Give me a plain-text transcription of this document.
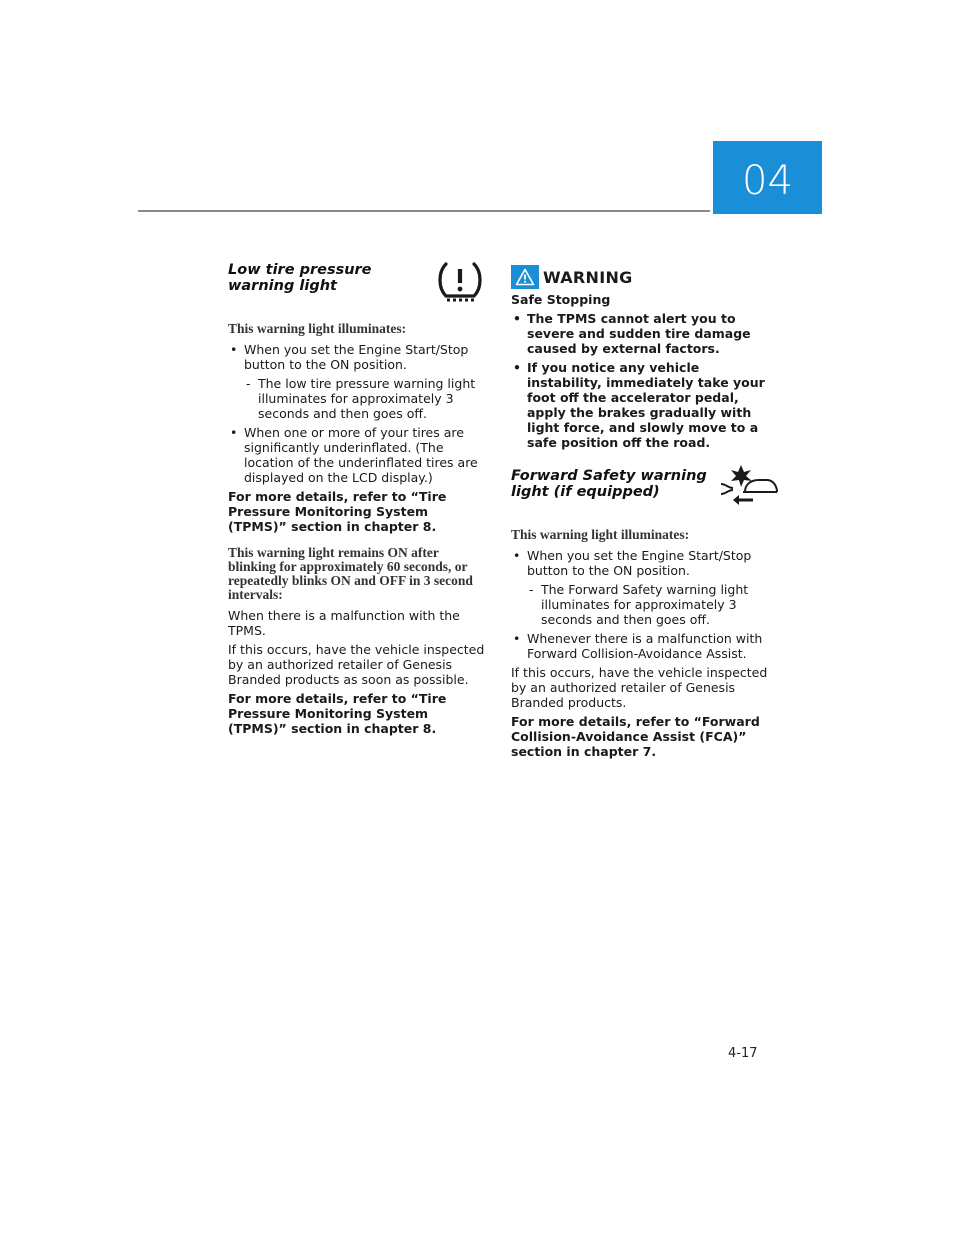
04
Low tire pressure warning light
This warning light illuminates:
• When you set the Engine Start/Stop button to the ON position.
- The low tire pressure warning light illuminates for approximately 3 seconds and then goes off.
• When one or more of your tires are significantly underinflated. (The location of the underinflated tires are displayed on the LCD display.)

For more details, refer to “Tire Pressure Monitoring System (TPMS)” section in chapter 8.

This warning light remains ON after blinking for approximately 60 seconds, or repeatedly blinks ON and OFF in 3 second intervals:

When there is a malfunction with the TPMS.

If this occurs, have the vehicle inspected by an authorized retailer of Genesis Branded products as soon as possible.

For more details, refer to “Tire Pressure Monitoring System (TPMS)” section in chapter 8.

WARNING

Safe Stopping

• The TPMS cannot alert you to severe and sudden tire damage caused by external factors.
• If you notice any vehicle instability, immediately take your foot off the accelerator pedal, apply the brakes gradually with light force, and slowly move to a safe position off the road.
Forward Safety warning light (if equipped)
This warning light illuminates:
• When you set the Engine Start/Stop button to the ON position.
- The Forward Safety warning light illuminates for approximately 3 seconds and then goes off.
• Whenever there is a malfunction with Forward Collision-Avoidance Assist.

If this occurs, have the vehicle inspected by an authorized retailer of Genesis Branded products.

For more details, refer to “Forward Collision-Avoidance Assist (FCA)” section in chapter 7.

4-17
